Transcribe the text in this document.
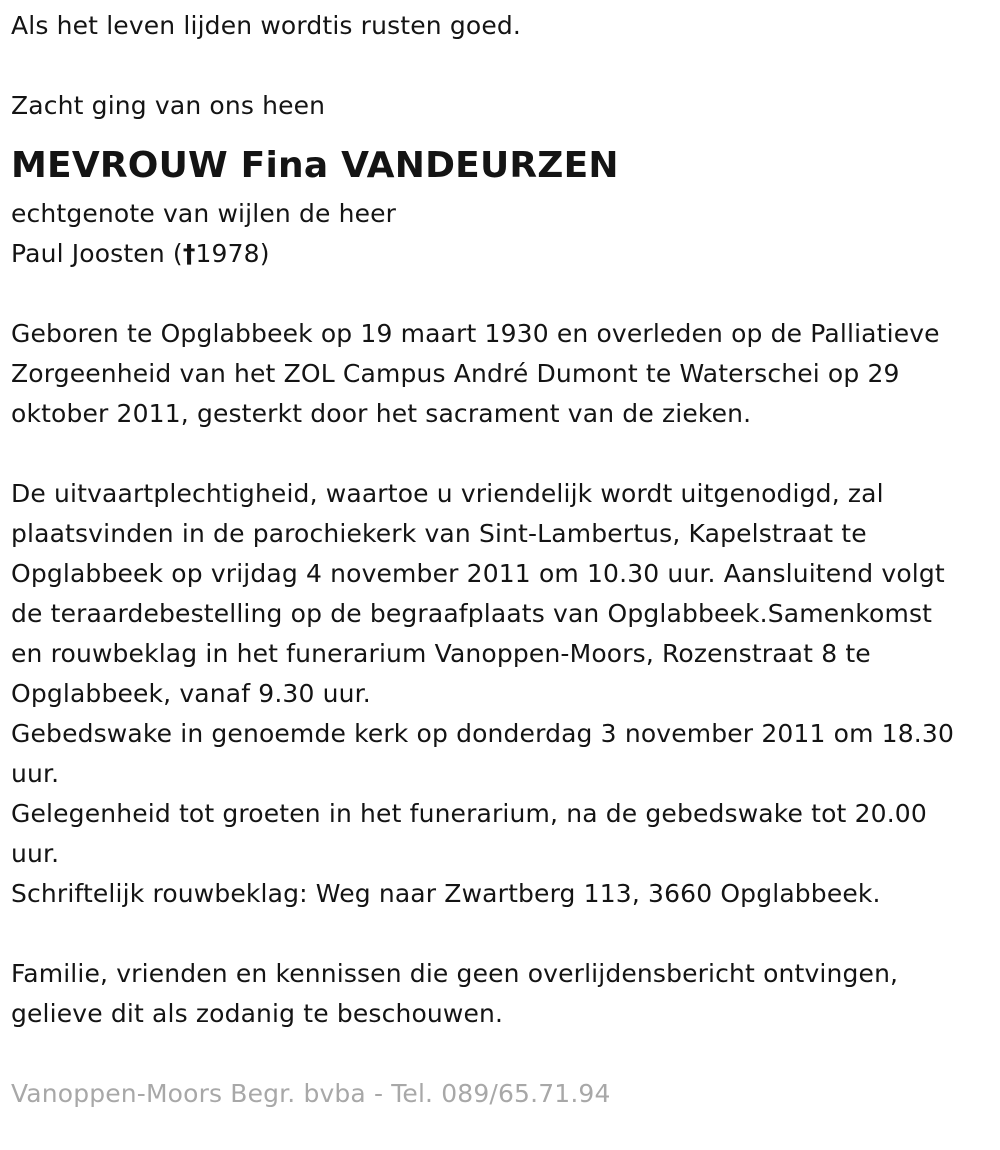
Als het leven lijden wordtis rusten goed.

Zacht ging van ons heen

MEVROUW Fina VANDEURZEN

echtgenote van wijlen de heer

Paul Joosten (†1978)

Geboren te Opglabbeek op 19 maart 1930 en overleden op de Palliatieve

Zorgeenheid van het ZOL Campus André Dumont te Waterschei op 29

oktober 2011, gesterkt door het sacrament van de zieken.

De uitvaartplechtigheid, waartoe u vriendelijk wordt uitgenodigd, zal

plaatsvinden in de parochiekerk van Sint-Lambertus, Kapelstraat te

Opglabbeek op vrijdag 4 november 2011 om 10.30 uur. Aansluitend volgt

de teraardebestelling op de begraafplaats van Opglabbeek.Samenkomst

en rouwbeklag in het funerarium Vanoppen-Moors, Rozenstraat 8 te

Opglabbeek, vanaf 9.30 uur.

Gebedswake in genoemde kerk op donderdag 3 november 2011 om 18.30

uur.

Gelegenheid tot groeten in het funerarium, na de gebedswake tot 20.00

uur.

Schriftelijk rouwbeklag: Weg naar Zwartberg 113, 3660 Opglabbeek.

Familie, vrienden en kennissen die geen overlijdensbericht ontvingen,

gelieve dit als zodanig te beschouwen.

Vanoppen-Moors Begr. bvba - Tel. 089/65.71.94
